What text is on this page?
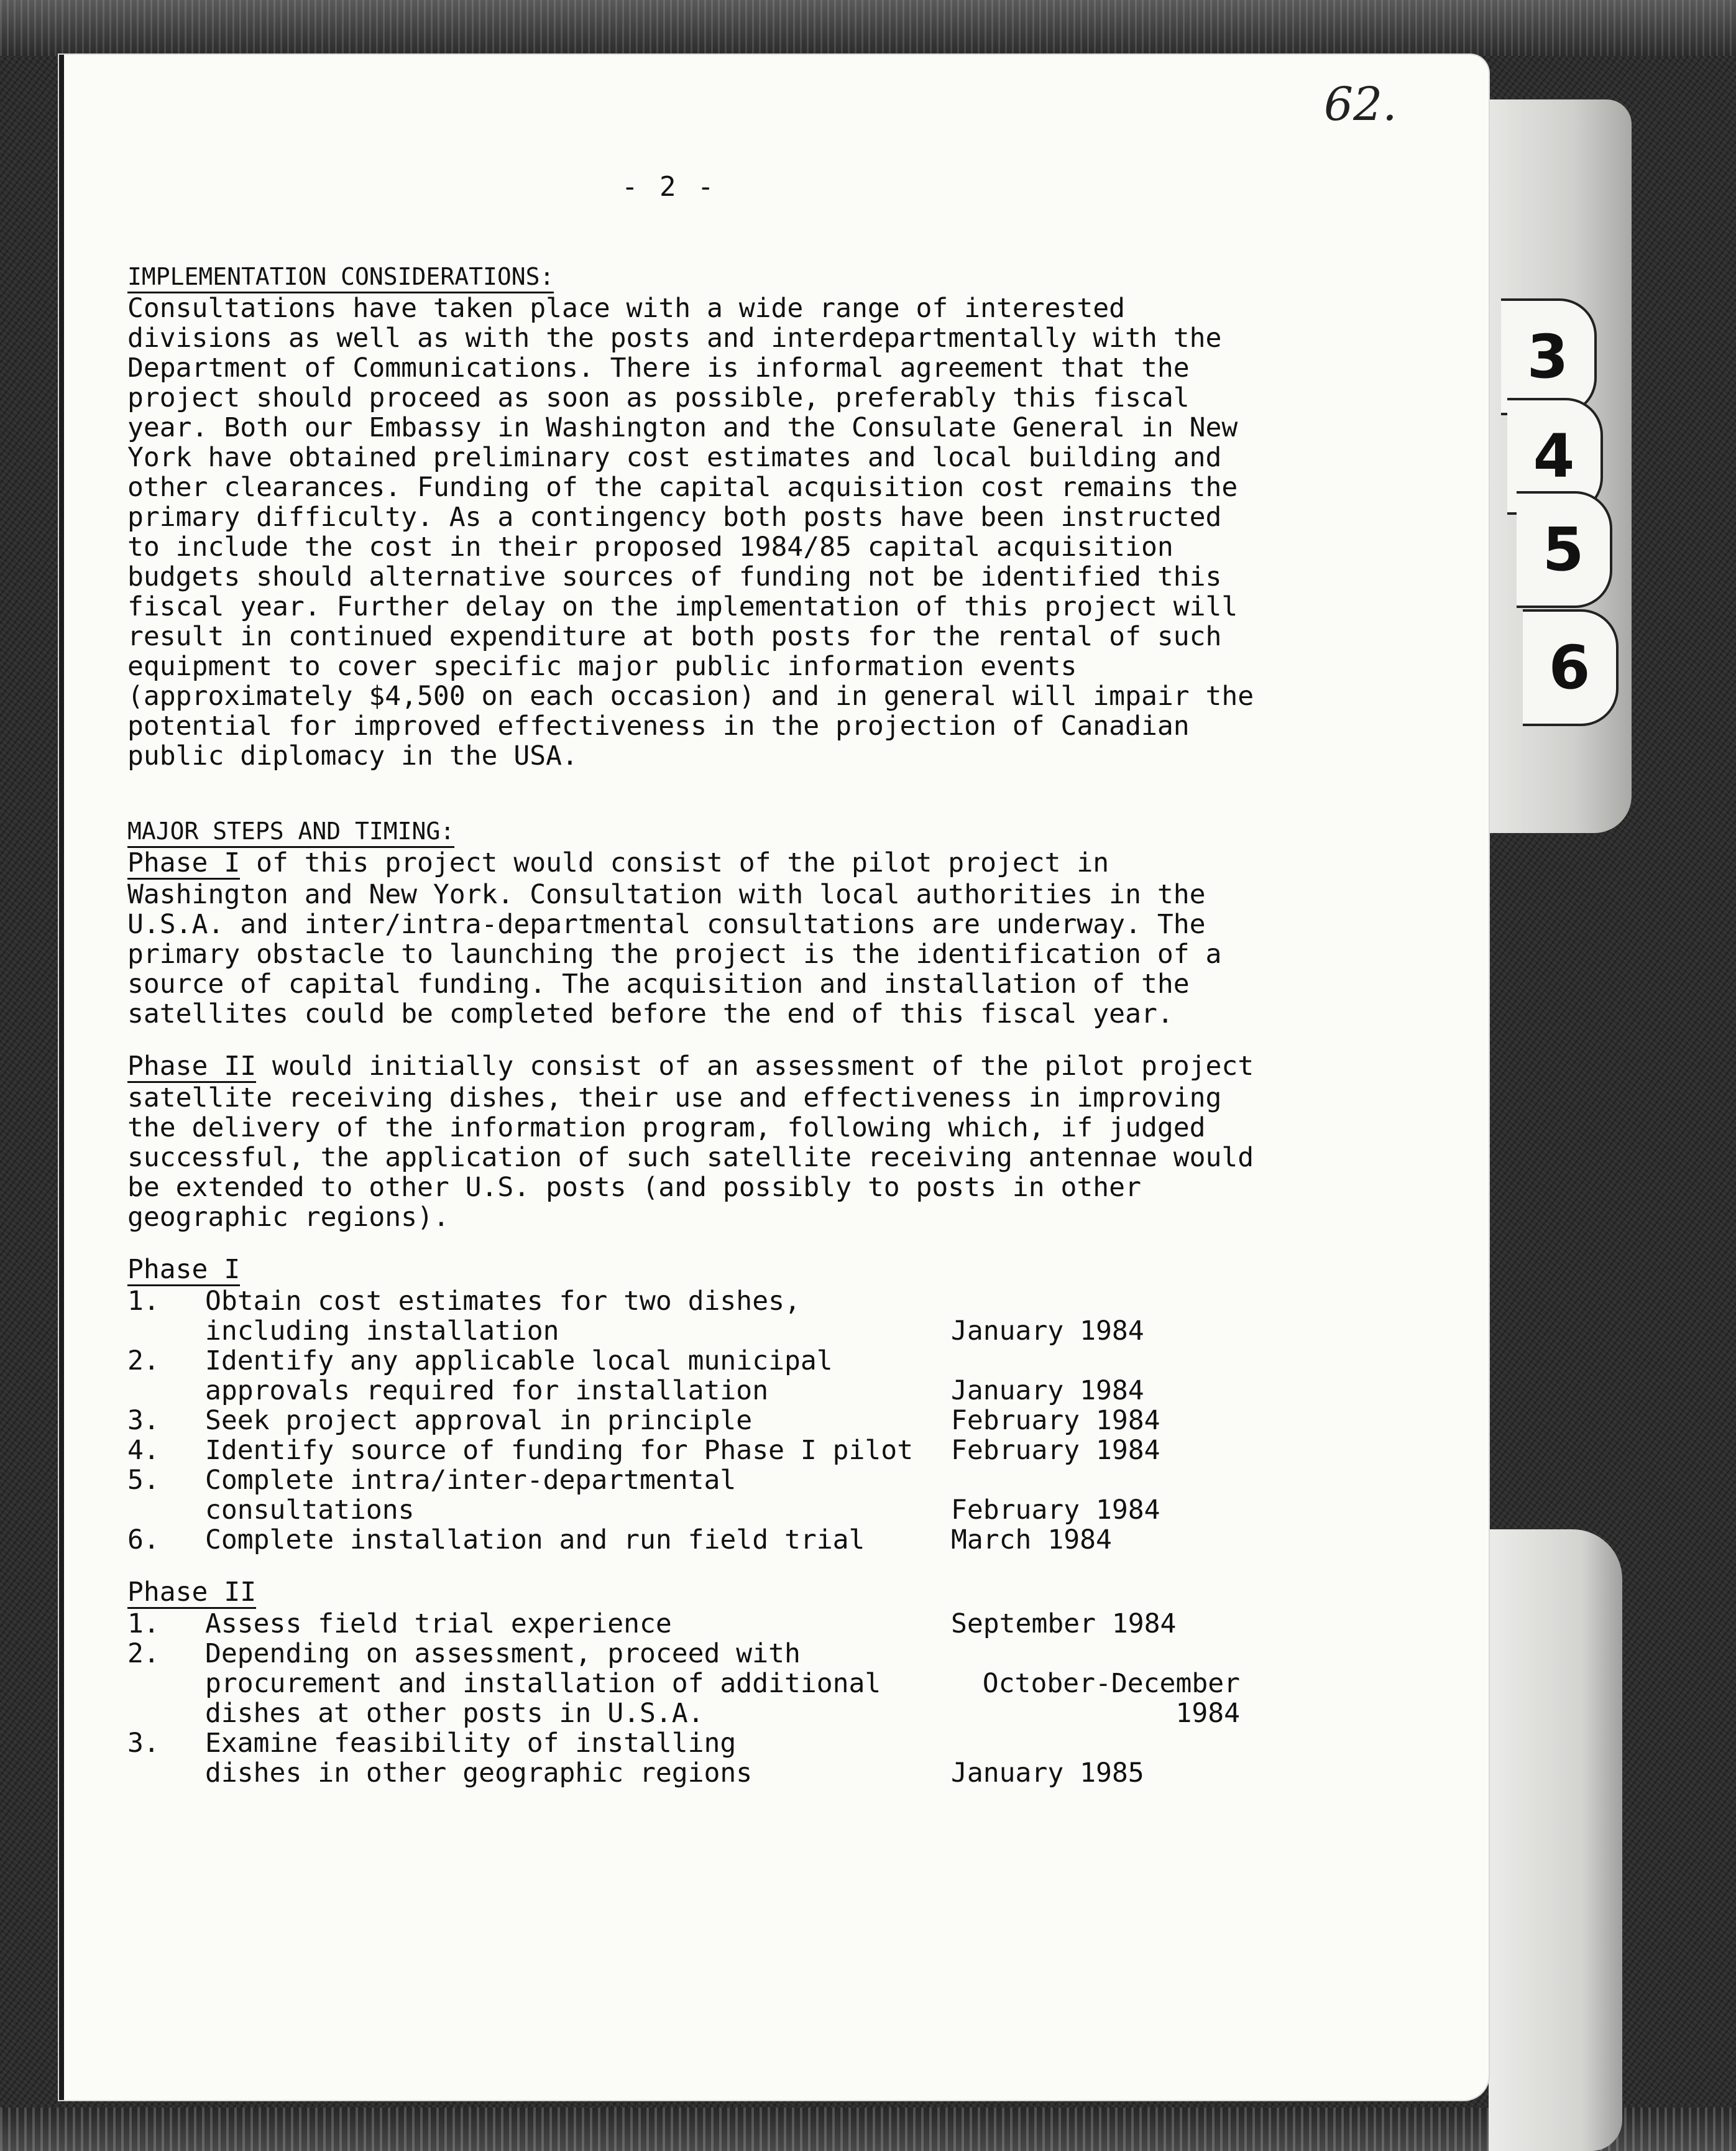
3
4
5
6
62.
- 2 -
IMPLEMENTATION CONSIDERATIONS:

Consultations have taken place with a wide range of interested
divisions as well as with the posts and interdepartmentally with the
Department of Communications. There is informal agreement that the
project should proceed as soon as possible, preferably this fiscal
year. Both our Embassy in Washington and the Consulate General in New
York have obtained preliminary cost estimates and local building and
other clearances. Funding of the capital acquisition cost remains the
primary difficulty. As a contingency both posts have been instructed
to include the cost in their proposed 1984/85 capital acquisition
budgets should alternative sources of funding not be identified this
fiscal year. Further delay on the implementation of this project will
result in continued expenditure at both posts for the rental of such
equipment to cover specific major public information events
(approximately $4,500 on each occasion) and in general will impair the
potential for improved effectiveness in the projection of Canadian
public diplomacy in the USA.

MAJOR STEPS AND TIMING:

Phase I of this project would consist of the pilot project in
Washington and New York. Consultation with local authorities in the
U.S.A. and inter/intra-departmental consultations are underway. The
primary obstacle to launching the project is the identification of a
source of capital funding. The acquisition and installation of the
satellites could be completed before the end of this fiscal year.

Phase II would initially consist of an assessment of the pilot project
satellite receiving dishes, their use and effectiveness in improving
the delivery of the information program, following which, if judged
successful, the application of such satellite receiving antennae would
be extended to other U.S. posts (and possibly to posts in other
geographic regions).

Phase I
1.	Obtain cost estimates for two dishes,
including installation	January 1984
2.	Identify any applicable local municipal
approvals required for installation	January 1984
3.	Seek project approval in principle	February 1984
4.	Identify source of funding for Phase I pilot	February 1984
5.	Complete intra/inter-departmental consultations	February 1984
6.	Complete installation and run field trial	March 1984
Phase II
1.	Assess field trial experience	September 1984
2.	Depending on assessment, proceed with
procurement and installation of additional
dishes at other posts in U.S.A.	October-December 1984
3.	Examine feasibility of installing
dishes in other geographic regions	January 1985
